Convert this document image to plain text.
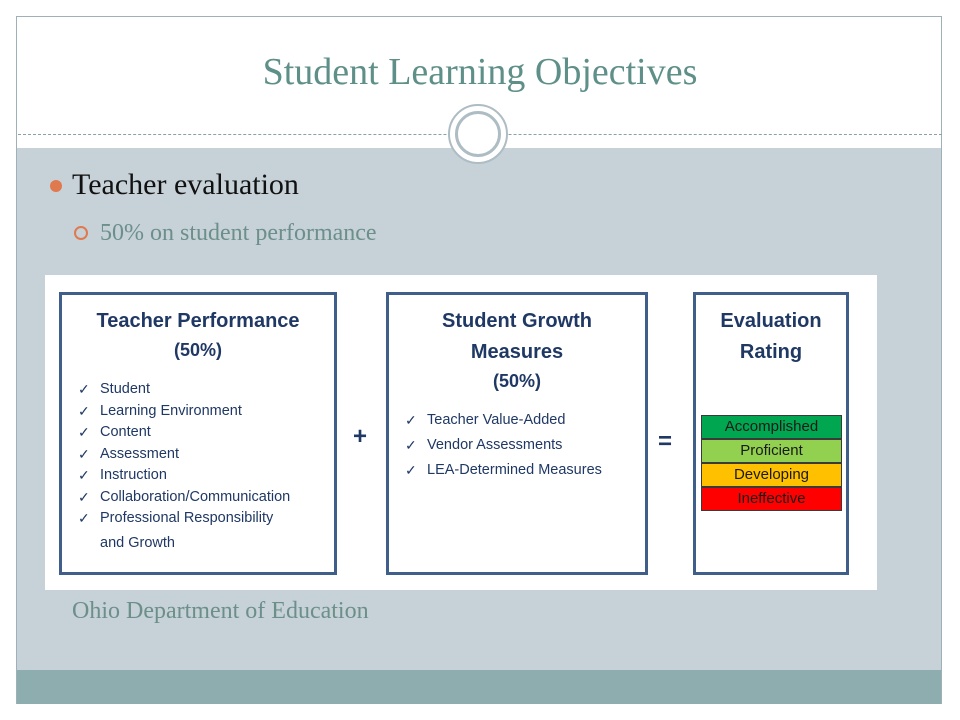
Student Learning Objectives
Teacher evaluation
50% on student performance
Teacher Performance
(50%)
✓ Student
✓ Learning Environment
✓ Content
✓ Assessment
✓ Instruction
✓ Collaboration/Communication
✓ Professional Responsibility
and Growth
+
Student Growth
Measures
(50%)
✓ Teacher Value-Added
✓ Vendor Assessments
✓ LEA-Determined Measures
=
Evaluation
Rating
Accomplished
Proficient
Developing
Ineffective
Ohio Department of Education
